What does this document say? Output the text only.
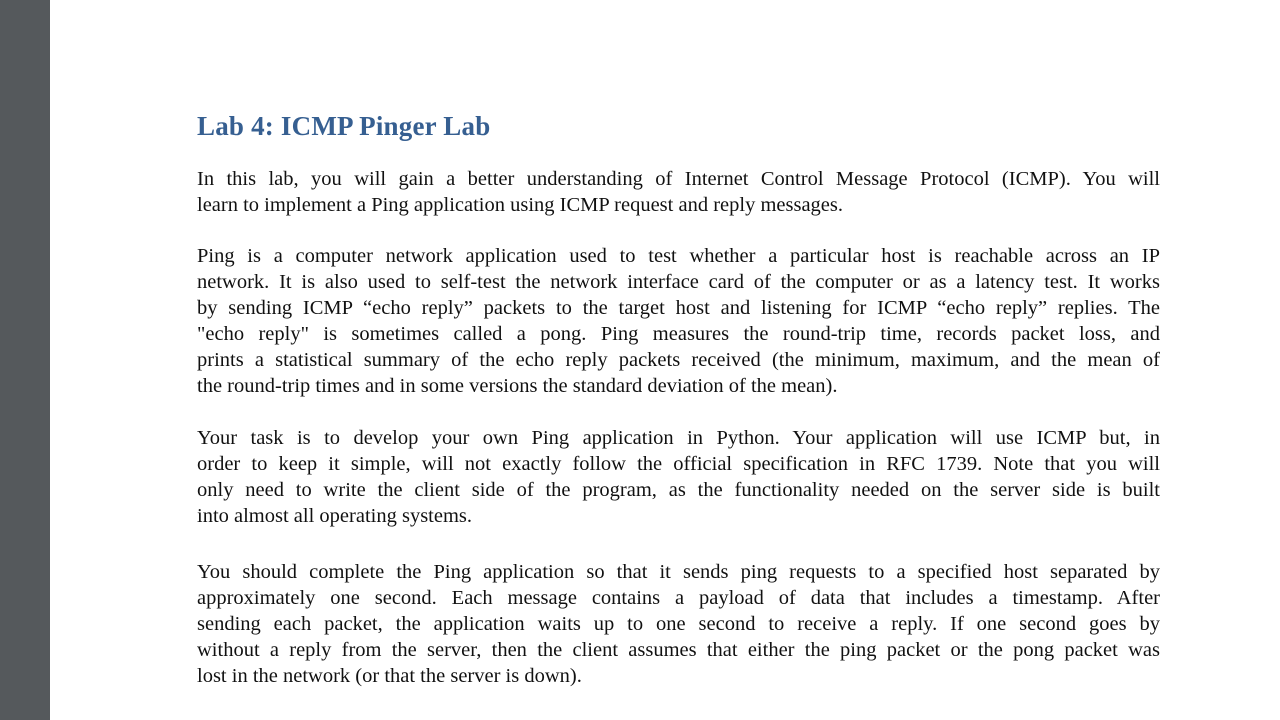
Lab 4: ICMP Pinger Lab
In this lab, you will gain a better understanding of Internet Control Message Protocol (ICMP). You will
learn to implement a Ping application using ICMP request and reply messages.
Ping is a computer network application used to test whether a particular host is reachable across an IP
network. It is also used to self-test the network interface card of the computer or as a latency test. It works
by sending ICMP “echo reply” packets to the target host and listening for ICMP “echo reply” replies. The
"echo reply" is sometimes called a pong. Ping measures the round-trip time, records packet loss, and
prints a statistical summary of the echo reply packets received (the minimum, maximum, and the mean of
the round-trip times and in some versions the standard deviation of the mean).
Your task is to develop your own Ping application in Python. Your application will use ICMP but, in
order to keep it simple, will not exactly follow the official specification in RFC 1739. Note that you will
only need to write the client side of the program, as the functionality needed on the server side is built
into almost all operating systems.
You should complete the Ping application so that it sends ping requests to a specified host separated by
approximately one second. Each message contains a payload of data that includes a timestamp. After
sending each packet, the application waits up to one second to receive a reply. If one second goes by
without a reply from the server, then the client assumes that either the ping packet or the pong packet was
lost in the network (or that the server is down).
